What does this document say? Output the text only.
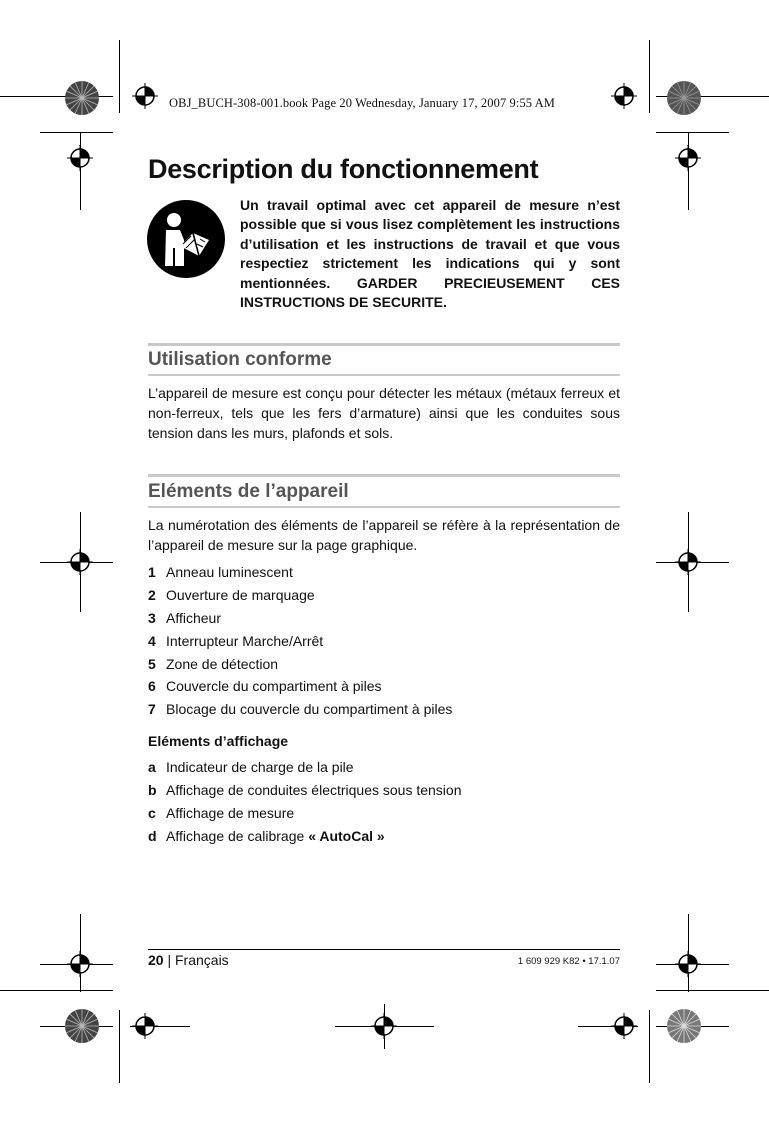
OBJ_BUCH-308-001.book Page 20 Wednesday, January 17, 2007 9:55 AM
Description du fonctionnement
Un travail optimal avec cet appareil de mesure n’est possible que si vous lisez complètement les instructions d’utilisation et les instructions de travail et que vous respectiez strictement les indications qui y sont mentionnées. GARDER PRECIEUSEMENT CES INSTRUCTIONS DE SECURITE.
Utilisation conforme
L’appareil de mesure est conçu pour détecter les métaux (métaux ferreux et non-ferreux, tels que les fers d’armature) ainsi que les conduites sous tension dans les murs, plafonds et sols.
Eléments de l’appareil
La numérotation des éléments de l’appareil se réfère à la représentation de l’appareil de mesure sur la page graphique.
1 Anneau luminescent
2 Ouverture de marquage
3 Afficheur
4 Interrupteur Marche/Arrêt
5 Zone de détection
6 Couvercle du compartiment à piles
7 Blocage du couvercle du compartiment à piles
Eléments d’affichage
a Indicateur de charge de la pile
b Affichage de conduites électriques sous tension
c Affichage de mesure
d Affichage de calibrage « AutoCal »
20 | Français	1 609 929 K82 • 17.1.07
